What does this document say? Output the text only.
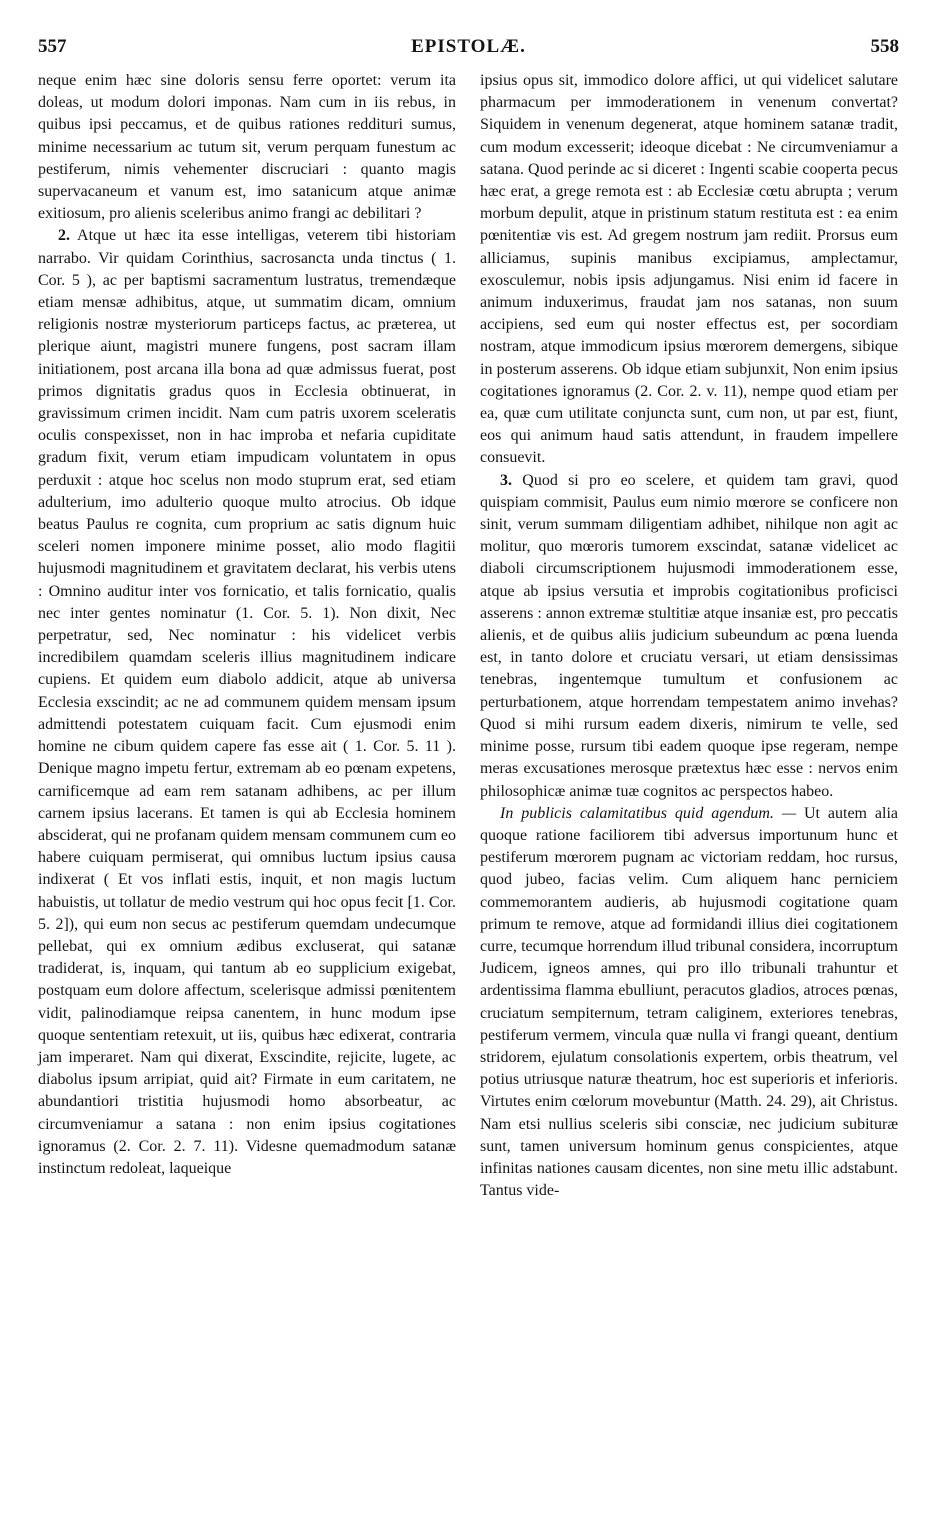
557	EPISTOLÆ.	558

neque enim hæc sine doloris sensu ferre oportet: verum ita doleas, ut modum dolori imponas. Nam cum in iis rebus, in quibus ipsi peccamus, et de quibus rationes reddituri sumus, minime necessarium ac tutum sit, verum perquam funestum ac pestiferum, nimis vehementer discruciari : quanto magis supervacaneum et vanum est, imo satanicum atque animæ exitiosum, pro alienis sceleribus animo frangi ac debilitari ?

2. Atque ut hæc ita esse intelligas, veterem tibi historiam narrabo. Vir quidam Corinthius, sacrosancta unda tinctus ( 1. Cor. 5 ), ac per baptismi sacramentum lustratus, tremendæque etiam mensæ adhibitus, atque, ut summatim dicam, omnium religionis nostræ mysteriorum particeps factus, ac prætereа, ut plerique aiunt, magistri munere fungens, post sacram illam initiationem, post arcana illa bona ad quæ admissus fuerat, post primos dignitatis gradus quos in Ecclesia obtinuerat, in gravissimum crimen incidit. Nam cum patris uxorem sceleratis oculis conspexisset, non in hac improba et nefaria cupiditate gradum fixit, verum etiam impudicam voluntatem in opus perduxit : atque hoc scelus non modo stuprum erat, sed etiam adulterium, imo adulterio quoque multo atrocius. Ob idque beatus Paulus re cognita, cum proprium ac satis dignum huic sceleri nomen imponere minime posset, alio modo flagitii hujusmodi magnitudinem et gravitatem declarat, his verbis utens : Omnino auditur inter vos fornicatio, et talis fornicatio, qualis nec inter gentes nominatur (1. Cor. 5. 1). Non dixit, Nec perpetratur, sed, Nec nominatur : his videlicet verbis incredibilem quamdam sceleris illius magnitudinem indicare cupiens. Et quidem eum diabolo addicit, atque ab universa Ecclesia exscindit; ac ne ad communem quidem mensam ipsum admittendi potestatem cuiquam facit. Cum ejusmodi enim homine ne cibum quidem capere fas esse ait ( 1. Cor. 5. 11 ). Denique magno impetu fertur, extremam ab eo pœnam expetens, carnificemque ad eam rem satanam adhibens, ac per illum carnem ipsius lacerans. Et tamen is qui ab Ecclesia hominem absciderat, qui ne profanam quidem mensam communem cum eo habere cuiquam permiserat, qui omnibus luctum ipsius causa indixerat ( Et vos inflati estis, inquit, et non magis luctum habuistis, ut tollatur de medio vestrum qui hoc opus fecit [1. Cor. 5. 2]), qui eum non secus ac pestiferum quemdam undecumque pellebat, qui ex omnium ædibus excluserat, qui satanæ tradiderat, is, inquam, qui tantum ab eo supplicium exigebat, postquam eum dolore affectum, scelerisque admissi pœnitentem vidit, palinodiamque reipsa canentem, in hunc modum ipse quoque sententiam retexuit, ut iis, quibus hæc edixerat, contraria jam imperaret. Nam qui dixerat, Exscindite, rejicite, lugete, ac diabolus ipsum arripiat, quid ait? Firmate in eum caritatem, ne abundantiori tristitia hujusmodi homo absorbeatur, ac circumveniamur a satana : non enim ipsius cogitationes ignoramus (2. Cor. 2. 7. 11). Videsne quemadmodum satanæ instinctum redoleat, laqueique

ipsius opus sit, immodico dolore affici, ut qui videlicet salutare pharmacum per immoderationem in venenum convertat? Siquidem in venenum degenerat, atque hominem satanæ tradit, cum modum excesserit; ideoque dicebat : Ne circumveniamur a satana. Quod perinde ac si diceret : Ingenti scabie cooperta pecus hæc erat, a grege remota est : ab Ecclesiæ cœtu abrupta ; verum morbum depulit, atque in pristinum statum restituta est : ea enim pœnitentiæ vis est. Ad gregem nostrum jam rediit. Prorsus eum alliciamus, supinis manibus excipiamus, amplectamur, exosculemur, nobis ipsis adjungamus. Nisi enim id facere in animum induxerimus, fraudat jam nos satanas, non suum accipiens, sed eum qui noster effectus est, per socordiam nostram, atque immodicum ipsius mœrorem demergens, sibique in posterum asserens. Ob idque etiam subjunxit, Non enim ipsius cogitationes ignoramus (2. Cor. 2. v. 11), nempe quod etiam per ea, quæ cum utilitate conjuncta sunt, cum non, ut par est, fiunt, eos qui animum haud satis attendunt, in fraudem impellere consuevit.

3. Quod si pro eo scelere, et quidem tam gravi, quod quispiam commisit, Paulus eum nimio mœrore se conficere non sinit, verum summam diligentiam adhibet, nihilque non agit ac molitur, quo mœroris tumorem exscindat, satanæ videlicet ac diaboli circumscriptionem hujusmodi immoderationem esse, atque ab ipsius versutia et improbis cogitationibus proficisci asserens : annon extremæ stultitiæ atque insaniæ est, pro peccatis alienis, et de quibus aliis judicium subeundum ac pœna luenda est, in tanto dolore et cruciatu versari, ut etiam densissimas tenebras, ingentemque tumultum et confusionem ac perturbationem, atque horrendam tempestatem animo invehas? Quod si mihi rursum eadem dixeris, nimirum te velle, sed minime posse, rursum tibi eadem quoque ipse regeram, nempe meras excusationes merosque prætextus hæc esse : nervos enim philosophicæ animæ tuæ cognitos ac perspectos habeo.

In publicis calamitatibus quid agendum. — Ut autem alia quoque ratione faciliorem tibi adversus importunum hunc et pestiferum mœrorem pugnam ac victoriam reddam, hoc rursus, quod jubeo, facias velim. Cum aliquem hanc perniciem commemorantem audieris, ab hujusmodi cogitatione quam primum te remove, atque ad formidandi illius diei cogitationem curre, tecumque horrendum illud tribunal considera, incorruptum Judicem, igneos amnes, qui pro illo tribunali trahuntur et ardentissima flamma ebulliunt, peracutos gladios, atroces pœnas, cruciatum sempiternum, tetram caliginem, exteriores tenebras, pestiferum vermem, vincula quæ nulla vi frangi queant, dentium stridorem, ejulatum consolationis expertem, orbis theatrum, vel potius utriusque naturæ theatrum, hoc est superioris et inferioris. Virtutes enim cœlorum movebuntur (Matth. 24. 29), ait Christus. Nam etsi nullius sceleris sibi consciæ, nec judicium subituræ sunt, tamen universum hominum genus conspicientes, atque infinitas nationes causam dicentes, non sine metu illic adstabunt. Tantus vide-
